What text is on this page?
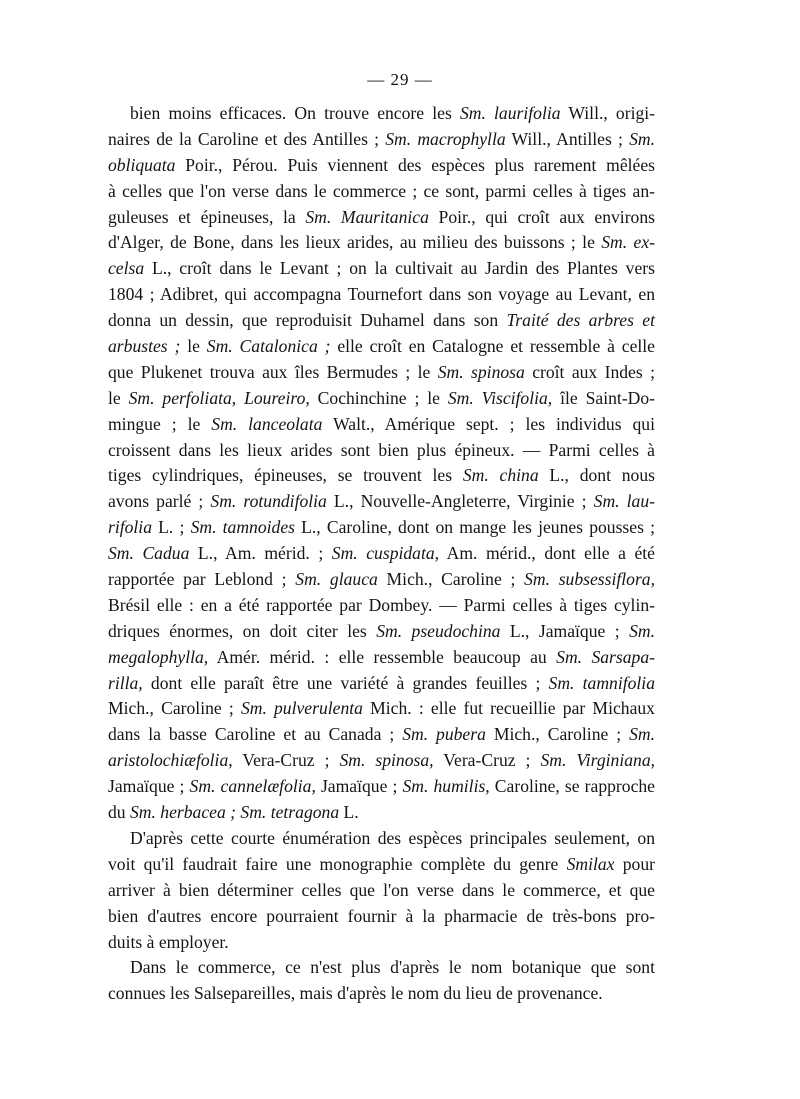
— 29 —
bien moins efficaces. On trouve encore les Sm. laurifolia Will., origi-
naires de la Caroline et des Antilles ; Sm. macrophylla Will., Antilles ; Sm.
obliquata Poir., Pérou. Puis viennent des espèces plus rarement mêlées
à celles que l'on verse dans le commerce ; ce sont, parmi celles à tiges an-
guleuses et épineuses, la Sm. Mauritanica Poir., qui croît aux environs
d'Alger, de Bone, dans les lieux arides, au milieu des buissons ; le Sm. ex-
celsa L., croît dans le Levant ; on la cultivait au Jardin des Plantes vers
1804 ; Adibret, qui accompagna Tournefort dans son voyage au Levant, en
donna un dessin, que reproduisit Duhamel dans son Traité des arbres et
arbustes ; le Sm. Catalonica ; elle croît en Catalogne et ressemble à celle
que Plukenet trouva aux îles Bermudes ; le Sm. spinosa croît aux Indes ;
le Sm. perfoliata, Loureiro, Cochinchine ; le Sm. Viscifolia, île Saint-Do-
mingue ; le Sm. lanceolata Walt., Amérique sept. ; les individus qui
croissent dans les lieux arides sont bien plus épineux. — Parmi celles à
tiges cylindriques, épineuses, se trouvent les Sm. china L., dont nous
avons parlé ; Sm. rotundifolia L., Nouvelle-Angleterre, Virginie ; Sm. lau-
rifolia L. ; Sm. tamnoides L., Caroline, dont on mange les jeunes pousses ;
Sm. Cadua L., Am. mérid. ; Sm. cuspidata, Am. mérid., dont elle a été
rapportée par Leblond ; Sm. glauca Mich., Caroline ; Sm. subsessiflora,
Brésil elle : en a été rapportée par Dombey. — Parmi celles à tiges cylin-
driques énormes, on doit citer les Sm. pseudochina L., Jamaïque ; Sm.
megalophylla, Amér. mérid. : elle ressemble beaucoup au Sm. Sarsapa-
rilla, dont elle paraît être une variété à grandes feuilles ; Sm. tamnifolia
Mich., Caroline ; Sm. pulverulenta Mich. : elle fut recueillie par Michaux
dans la basse Caroline et au Canada ; Sm. pubera Mich., Caroline ; Sm.
aristolochiæfolia, Vera-Cruz ; Sm. spinosa, Vera-Cruz ; Sm. Virginiana,
Jamaïque ; Sm. cannelæfolia, Jamaïque ; Sm. humilis, Caroline, se rapproche
du Sm. herbacea ; Sm. tetragona L.
D'après cette courte énumération des espèces principales seulement, on
voit qu'il faudrait faire une monographie complète du genre Smilax pour
arriver à bien déterminer celles que l'on verse dans le commerce, et que
bien d'autres encore pourraient fournir à la pharmacie de très-bons pro-
duits à employer.
Dans le commerce, ce n'est plus d'après le nom botanique que sont
connues les Salsepareilles, mais d'après le nom du lieu de provenance.
